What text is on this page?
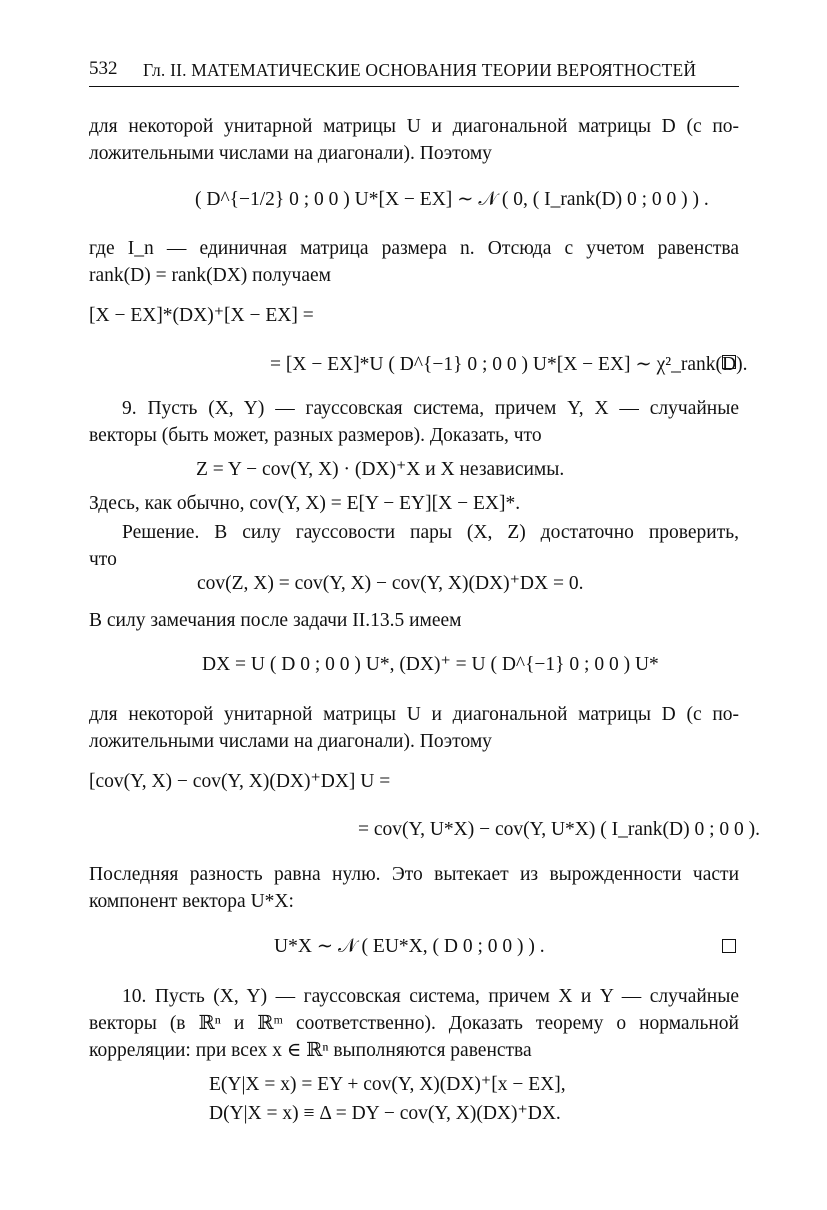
532 Гл. II. МАТЕМАТИЧЕСКИЕ ОСНОВАНИЯ ТЕОРИИ ВЕРОЯТНОСТЕЙ
для некоторой унитарной матрицы U и диагональной матрицы D (с по-
ложительными числами на диагонали). Поэтому
( D^{−1/2} 0 ; 0 0 ) U*[X − EX] ∼ 𝒩 ( 0, ( I_rank(D) 0 ; 0 0 ) ) .
где I_n — единичная матрица размера n. Отсюда с учетом равенства
rank(D) = rank(DX) получаем
[X − EX]*(DX)⁺[X − EX] =
= [X − EX]*U ( D^{−1} 0 ; 0 0 ) U*[X − EX] ∼ χ²_rank(D).
9. Пусть (X, Y) — гауссовская система, причем Y, X — случайные
векторы (быть может, разных размеров). Доказать, что
Z = Y − cov(Y, X) · (DX)⁺X и X независимы.
Здесь, как обычно, cov(Y, X) = E[Y − EY][X − EX]*.
Решение. В силу гауссовости пары (X, Z) достаточно проверить,
что
cov(Z, X) = cov(Y, X) − cov(Y, X)(DX)⁺DX = 0.
В силу замечания после задачи II.13.5 имеем
DX = U ( D 0 ; 0 0 ) U*, (DX)⁺ = U ( D^{−1} 0 ; 0 0 ) U*
для некоторой унитарной матрицы U и диагональной матрицы D (с по-
ложительными числами на диагонали). Поэтому
[cov(Y, X) − cov(Y, X)(DX)⁺DX] U =
= cov(Y, U*X) − cov(Y, U*X) ( I_rank(D) 0 ; 0 0 ).
Последняя разность равна нулю. Это вытекает из вырожденности части
компонент вектора U*X:
U*X ∼ 𝒩 ( EU*X, ( D 0 ; 0 0 ) ) .
10. Пусть (X, Y) — гауссовская система, причем X и Y — случайные
векторы (в ℝⁿ и ℝᵐ соответственно). Доказать теорему о нормальной
корреляции: при всех x ∈ ℝⁿ выполняются равенства
E(Y|X = x) = EY + cov(Y, X)(DX)⁺[x − EX],
D(Y|X = x) ≡ Δ = DY − cov(Y, X)(DX)⁺DX.
